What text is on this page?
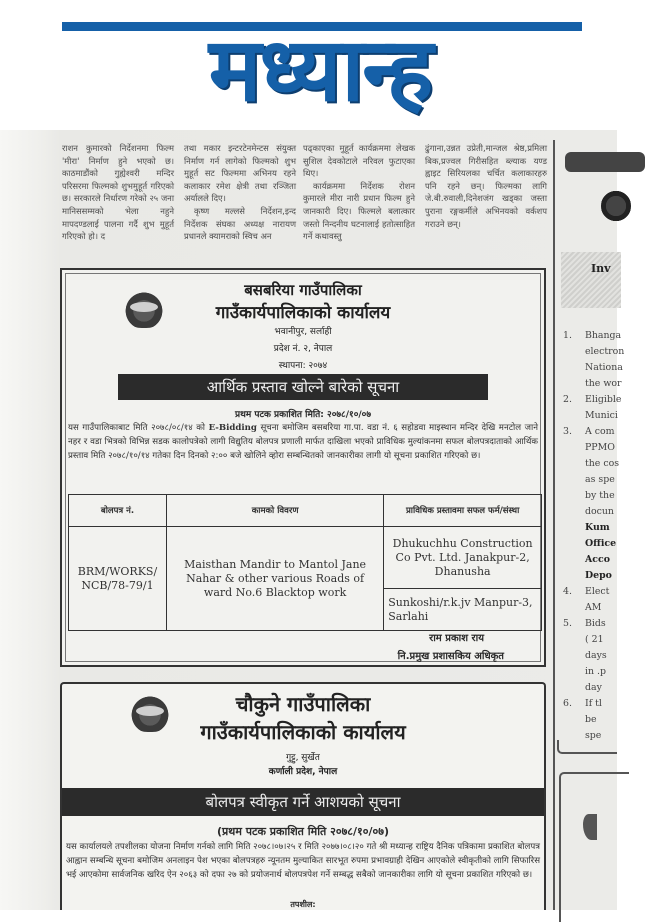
मध्यान्ह

राशन कुमारको निर्देशनमा फिल्म 'मीरा' निर्माण हुने भएको छ। काठमाडौंको गुह्येश्वरी मन्दिर परिसरमा फिल्मको शुभमुहूर्त गरिएको छ। सरकारले निर्धारण गरेको २५ जना मानिससम्मको भेला नहुने मापदण्डलाई पालना गर्दै शुभ मुहूर्त गरिएको हो। द

तथा मकार इन्टरटेनमेन्टस संयुक्त निर्माण गर्न लागेको फिल्मको शुभ मुहूर्त सट फिल्ममा अभिनय रहने कलाकार रमेश क्षेत्री तथा रञ्जिता अर्यालले दिए।

कृष्ण मल्लसे निर्देशन,इन्द निर्देशक संघका अध्यक्ष नारायण प्रधानले क्यामराको स्विच अन

पढ्काएका मुहूर्त कार्यक्रममा लेखक सुशिल देवकोटाले नरिवल फुटाएका थिए।

कार्यक्रममा निर्देशक रोशन कुमारले मीरा नारी प्रधान फिल्म हुने जानकारी दिए। फिल्मले बलात्कार जस्तो निन्दनीय घटनालाई हतोत्साहित गर्ने कथावस्तु

ढुंगाना,उन्नत उप्रेती,मान्जल श्रेष्ठ,प्रमिला बिक,प्रज्वल गिरीसहित ब्ल्याक यण्ड ह्वाइट सिरियलका चर्चित कलाकारहरु पनि रहने छन्। फिल्मका लागि जे.बी.रुवाली,दिनेशजंग खड्का जस्ता पुराना रङ्गकर्मीले अभिनयको वर्कशप गराउने छन्।

बसबरिया गाउँपालिका
गाउँकार्यपालिकाको कार्यालय
भवानीपुर, सर्लाही
प्रदेश नं. २, नेपाल
स्थापना: २०७४
आर्थिक प्रस्ताव खोल्ने बारेको सूचना
प्रथम पटक प्रकाशित मिति: २०७८/१०/०७
यस गाउँपालिकाबाट मिति २०७८/०८/१४ को E-Bidding सूचना बमोजिम बसबरिया गा.पा. वडा नं. ६ सहोडवा माइस्थान मन्दिर देखि मनटोल जाने नहर र वडा भित्रको विभिन्न सडक कालोपत्रेको लागी विद्युतिय बोलपत्र प्रणाली मार्फत दाखिला भएको प्राविधिक मुल्यांकनमा सफल बोलपत्रदाताको आर्थिक प्रस्ताव मिति २०७८/१०/१४ गतेका दिन दिनको २:०० बजे खोलिने व्होरा सम्बन्धितको जानकारीका लागी यो सूचना प्रकाशित गरिएको छ।
बोलपत्र नं.	कामको विवरण	प्राविधिक प्रस्तावमा सफल फर्म/संस्था
BRM/WORKS/ NCB/78-79/1	Maisthan Mandir to Mantol Jane Nahar & other various Roads of ward No.6 Blacktop work	Dhukuchhu Construction Co Pvt. Ltd. Janakpur-2, Dhanusha
		Sunkoshi/r.k.jv Manpur-3, Sarlahi
राम प्रकाश राय
नि.प्रमुख प्रशासकिय अधिकृत
चौकुने गाउँपालिका
गाउँकार्यपालिकाको कार्यालय
गुट्टु, सुर्खेत
कर्णाली प्रदेश, नेपाल
बोलपत्र स्वीकृत गर्ने आशयको सूचना
(प्रथम पटक प्रकाशित मिति २०७८/१०/०७)
यस कार्यालयले तपशीलका योजना निर्माण गर्नको लागि मिति २०७८।०७।२५ र मिति २०७७।०८।२० गते श्री मध्यान्ह राष्ट्रिय दैनिक पत्रिकामा प्रकाशित बोलपत्र आह्वान सम्बन्धि सूचना बमोजिम अनलाइन पेश भएका बोलपत्रहरु न्यूनतम मुल्याकित सारभूत रुपमा प्रभावग्राही देखिन आएकोले स्वीकृतीको लागि सिफारिस भई आएकोमा सार्वजनिक खरिद ऐन २०६३ को दफा २७ को प्रयोजनार्थ बोलपत्रपेश गर्ने सम्बद्ध सबैको जानकारीका लागि यो सूचना प्रकाशित गरिएको छ।
तपशील:
Inv
1. Bhanga
electron
Nationa
the wor
2. Eligible
Munici
3. A com
PPMO
the cos
as spe
by the
docun
Kum
Office
Acco
Depo
4. Elect
AM
5. Bids
( 21
days
in .p
day
6. If tl
be
spe
